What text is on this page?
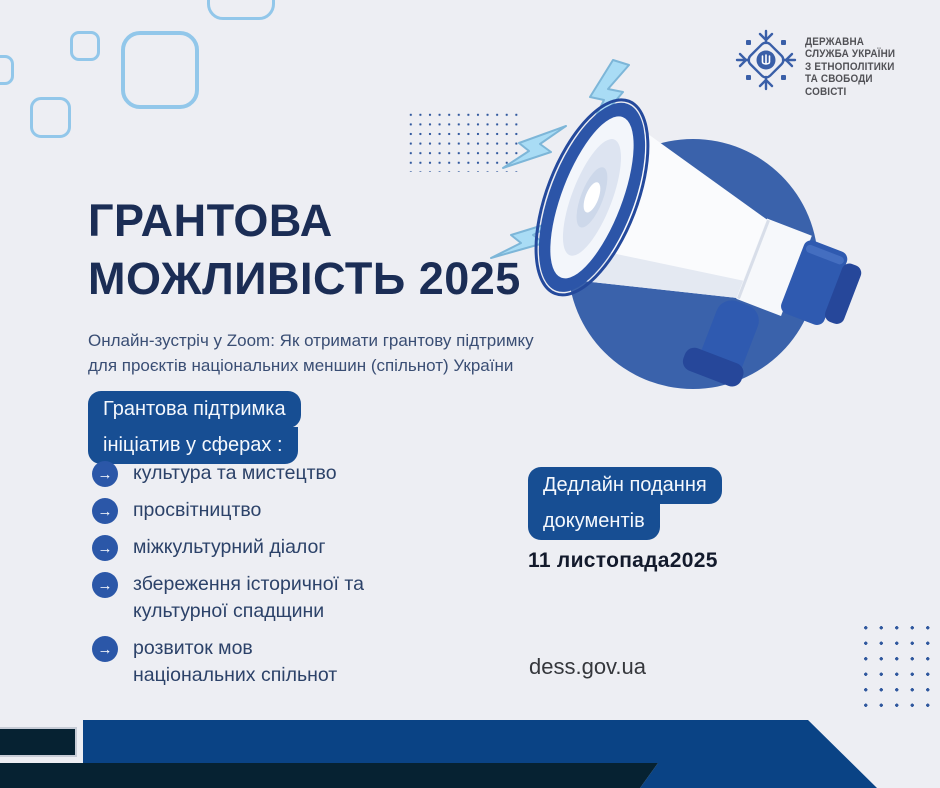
ДЕРЖАВНА
СЛУЖБА УКРАЇНИ
З ЕТНОПОЛІТИКИ
ТА СВОБОДИ
СОВІСТІ
ГРАНТОВА
МОЖЛИВІСТЬ 2025

Онлайн-зустріч у Zoom: Як отримати грантову підтримку
для проєктів національних меншин (спільнот) України

Грантова підтримка
ініціатив у сферах :
→ культура та мистецтво
→ просвітництво
→ міжкультурний діалог
→ збереження історичної та
культурної спадщини
→ розвиток мов
національних спільнот
Дедлайн подання
документів
11 листопада2025
dess.gov.ua
